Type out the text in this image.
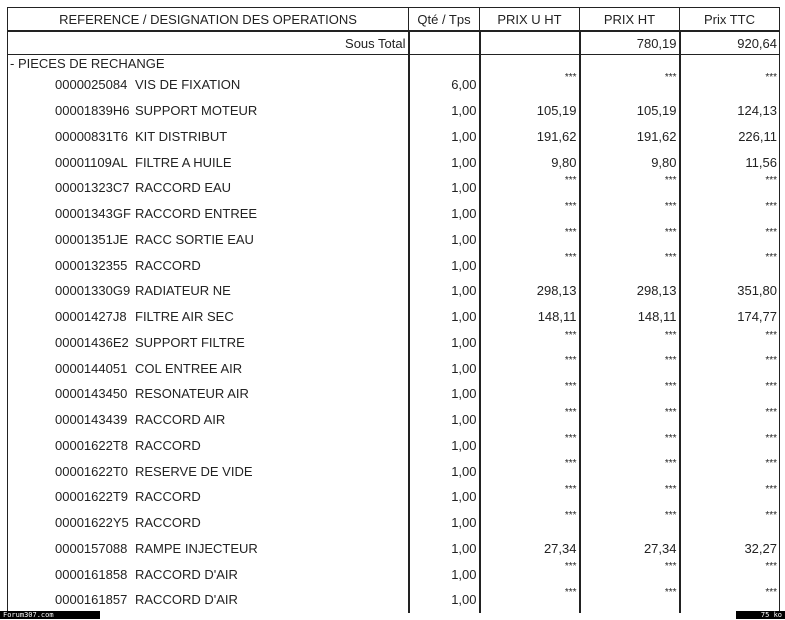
REFERENCE / DESIGNATION DES OPERATIONS	Qté / Tps	PRIX U HT	PRIX HT	Prix TTC
Sous Total			780,19	920,64
- PIECES DE RECHANGE				
0000025084 VIS DE FIXATION	6,00	***	***	***
00001839H6 SUPPORT MOTEUR	1,00	105,19	105,19	124,13
00000831T6 KIT DISTRIBUT	1,00	191,62	191,62	226,11
00001109AL FILTRE A HUILE	1,00	9,80	9,80	11,56
00001323C7 RACCORD EAU	1,00	***	***	***
00001343GF RACCORD ENTREE	1,00	***	***	***
00001351JE RACC SORTIE EAU	1,00	***	***	***
0000132355 RACCORD	1,00	***	***	***
00001330G9 RADIATEUR NE	1,00	298,13	298,13	351,80
00001427J8 FILTRE AIR SEC	1,00	148,11	148,11	174,77
00001436E2 SUPPORT FILTRE	1,00	***	***	***
0000144051 COL ENTREE AIR	1,00	***	***	***
0000143450 RESONATEUR AIR	1,00	***	***	***
0000143439 RACCORD AIR	1,00	***	***	***
00001622T8 RACCORD	1,00	***	***	***
00001622T0 RESERVE DE VIDE	1,00	***	***	***
00001622T9 RACCORD	1,00	***	***	***
00001622Y5 RACCORD	1,00	***	***	***
0000157088 RAMPE INJECTEUR	1,00	27,34	27,34	32,27
0000161858 RACCORD D'AIR	1,00	***	***	***
0000161857 RACCORD D'AIR	1,00	***	***	***
Forum307.com	75 ko
